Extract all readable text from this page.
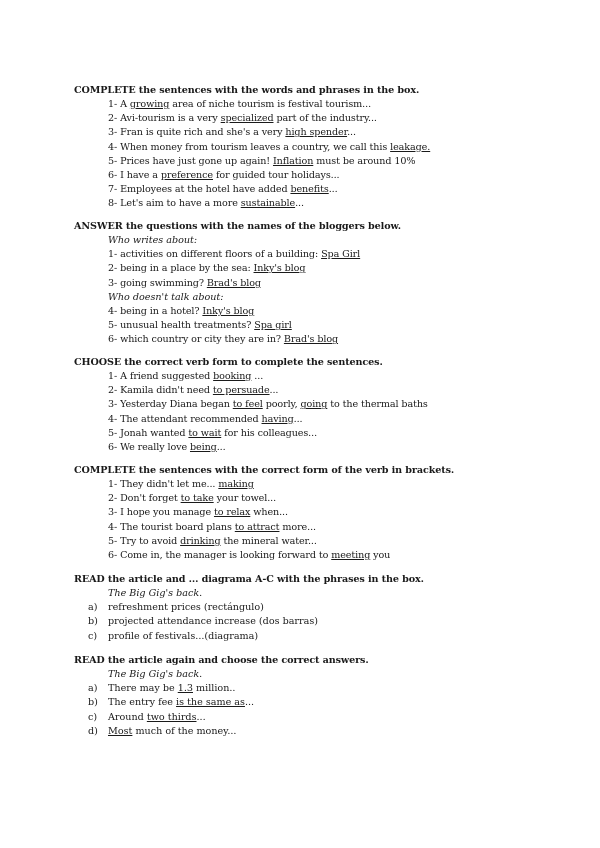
COMPLETE the sentences with the words and phrases in the box.
1- A growing area of niche tourism is festival tourism...
2- Avi-tourism is a very specialized part of the industry...
3- Fran is quite rich and she's a very high spender...
4- When money from tourism leaves a country, we call this leakage.
5- Prices have just gone up again! Inflation must be around 10%
6- I have a preference for guided tour holidays...
7- Employees at the hotel have added benefits...
8- Let's aim to have a more sustainable...
ANSWER the questions with the names of the bloggers below.
Who writes about:
1- activities on different floors of a building: Spa Girl
2- being in a place by the sea: Inky's blog
3- going swimming? Brad's blog
Who doesn't talk about:
4- being in a hotel? Inky's blog
5- unusual health treatments? Spa girl
6- which country or city they are in? Brad's blog
CHOOSE the correct verb form to complete the sentences.
1- A friend suggested booking ...
2- Kamila didn't need to persuade...
3- Yesterday Diana began to feel poorly, going to the thermal baths
4- The attendant recommended having...
5- Jonah wanted to wait for his colleagues...
6- We really love being...
COMPLETE the sentences with the correct form of the verb in brackets.
1- They didn't let me... making
2- Don't forget to take your towel...
3- I hope you manage to relax when...
4- The tourist board plans to attract more...
5- Try to avoid drinking the mineral water...
6- Come in, the manager is looking forward to meeting you
READ the article and ... diagrama A-C with the phrases in the box.
The Big Gig's back.
a) refreshment prices (rectángulo)
b) projected attendance increase (dos barras)
c) profile of festivals...(diagrama)
READ the article again and choose the correct answers.
The Big Gig's back.
a) There may be 1.3 million..
b) The entry fee is the same as...
c) Around two thirds...
d) Most much of the money...
